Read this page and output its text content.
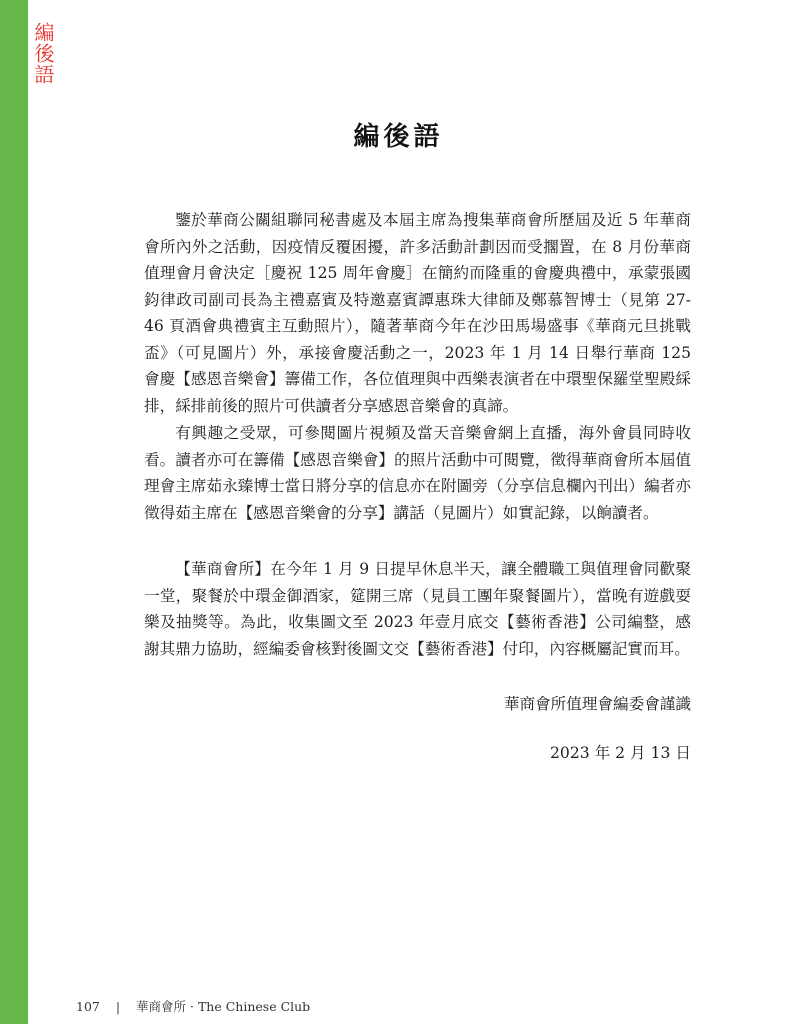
編後語
編後語

鑒於華商公關組聯同秘書處及本屆主席為搜集華商會所歷屆及近 5 年華商會所內外之活動，因疫情反覆困擾，許多活動計劃因而受擱置，在 8 月份華商值理會月會決定［慶祝 125 周年會慶］在簡約而隆重的會慶典禮中，承蒙張國鈞律政司副司長為主禮嘉賓及特邀嘉賓譚惠珠大律師及鄭慕智博士（見第 27-46 頁酒會典禮賓主互動照片），隨著華商今年在沙田馬場盛事《華商元旦挑戰盃》（可見圖片）外，承接會慶活動之一，2023 年 1 月 14 日舉行華商 125 會慶【感恩音樂會】籌備工作，各位值理與中西樂表演者在中環聖保羅堂聖殿綵排，綵排前後的照片可供讀者分享感恩音樂會的真諦。

有興趣之受眾，可參閱圖片視頻及當天音樂會網上直播，海外會員同時收看。讀者亦可在籌備【感恩音樂會】的照片活動中可閱覽，徵得華商會所本屆值理會主席茹永臻博士當日將分享的信息亦在附圖旁（分享信息欄內刊出）編者亦徵得茹主席在【感恩音樂會的分享】講話（見圖片）如實記錄，以餉讀者。

【華商會所】在今年 1 月 9 日提早休息半天，讓全體職工與值理會同歡聚一堂，聚餐於中環金御酒家，筵開三席（見員工團年聚餐圖片），當晚有遊戲耍樂及抽獎等。為此，收集圖文至 2023 年壹月底交【藝術香港】公司編整，感謝其鼎力協助，經編委會核對後圖文交【藝術香港】付印，內容概屬記實而耳。

華商會所值理會編委會謹識
2023 年 2 月 13 日
107 | 華商會所 · The Chinese Club
